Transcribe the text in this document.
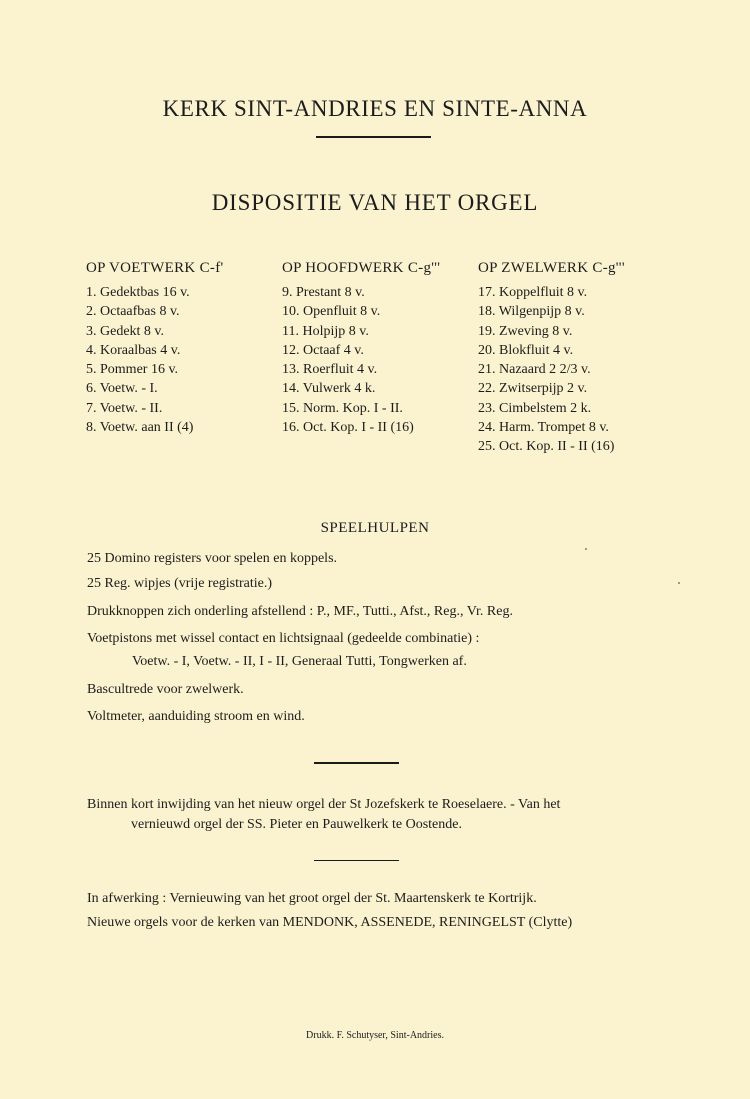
KERK SINT-ANDRIES EN SINTE-ANNA
DISPOSITIE VAN HET ORGEL
OP VOETWERK C-f'
1. Gedektbas 16 v.
2. Octaafbas 8 v.
3. Gedekt 8 v.
4. Koraalbas 4 v.
5. Pommer 16 v.
6. Voetw. - I.
7. Voetw. - II.
8. Voetw. aan II (4)
OP HOOFDWERK C-g'''
9. Prestant 8 v.
10. Openfluit 8 v.
11. Holpijp 8 v.
12. Octaaf 4 v.
13. Roerfluit 4 v.
14. Vulwerk 4 k.
15. Norm. Kop. I - II.
16. Oct. Kop. I - II (16)
OP ZWELWERK C-g'''
17. Koppelfluit 8 v.
18. Wilgenpijp 8 v.
19. Zweving 8 v.
20. Blokfluit 4 v.
21. Nazaard 2 2/3 v.
22. Zwitserpijp 2 v.
23. Cimbelstem 2 k.
24. Harm. Trompet 8 v.
25. Oct. Kop. II - II (16)
SPEELHULPEN

25 Domino registers voor spelen en koppels.

25 Reg. wipjes (vrije registratie.)

Drukknoppen zich onderling afstellend : P., MF., Tutti., Afst., Reg., Vr. Reg.

Voetpistons met wissel contact en lichtsignaal (gedeelde combinatie) :

Voetw. - I, Voetw. - II, I - II, Generaal Tutti, Tongwerken af.

Bascultrede voor zwelwerk.

Voltmeter, aanduiding stroom en wind.

Binnen kort inwijding van het nieuw orgel der St Jozefskerk te Roeselaere. - Van het

vernieuwd orgel der SS. Pieter en Pauwelkerk te Oostende.

In afwerking : Vernieuwing van het groot orgel der St. Maartenskerk te Kortrijk.

Nieuwe orgels voor de kerken van MENDONK, ASSENEDE, RENINGELST (Clytte)

Drukk. F. Schutyser, Sint-Andries.
